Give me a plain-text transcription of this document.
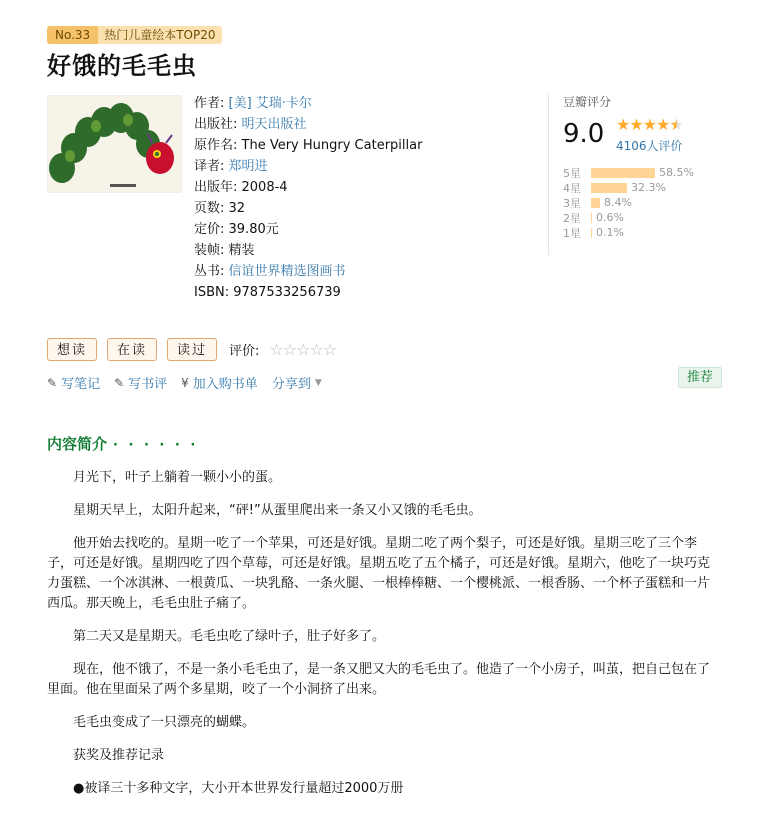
No.33	热门儿童绘本TOP20
好饿的毛毛虫
作者: [美] 艾瑞·卡尔
出版社: 明天出版社
原作名: The Very Hungry Caterpillar
译者: 郑明进
出版年: 2008-4
页数: 32
定价: 39.80元
装帧: 精装
丛书: 信谊世界精选图画书
ISBN: 9787533256739
豆瓣评分
9.0 ★★★★★
4106人评价
5星	58.5%
4星	32.3%
3星	8.4%
2星	0.6%
1星	0.1%
想读	在读	读过	评价: ☆☆☆☆☆
✎ 写笔记 ✎ 写书评 ¥ 加入购书单 分享到 ▼	推荐
内容简介 · · · · · ·

月光下，叶子上躺着一颗小小的蛋。

星期天早上，太阳升起来，“砰!”从蛋里爬出来一条又小又饿的毛毛虫。

他开始去找吃的。星期一吃了一个苹果，可还是好饿。星期二吃了两个梨子，可还是好饿。星期三吃了三个李子，可还是好饿。星期四吃了四个草莓，可还是好饿。星期五吃了五个橘子，可还是好饿。星期六，他吃了一块巧克力蛋糕、一个冰淇淋、一根黄瓜、一块乳酪、一条火腿、一根棒棒糖、一个樱桃派、一根香肠、一个杯子蛋糕和一片西瓜。那天晚上，毛毛虫肚子痛了。

第二天又是星期天。毛毛虫吃了绿叶子，肚子好多了。

现在，他不饿了，不是一条小毛毛虫了，是一条又肥又大的毛毛虫了。他造了一个小房子，叫茧，把自己包在了里面。他在里面呆了两个多星期，咬了一个小洞挤了出来。

毛毛虫变成了一只漂亮的蝴蝶。

获奖及推荐记录

●被译三十多种文字，大小开本世界发行量超过2000万册
